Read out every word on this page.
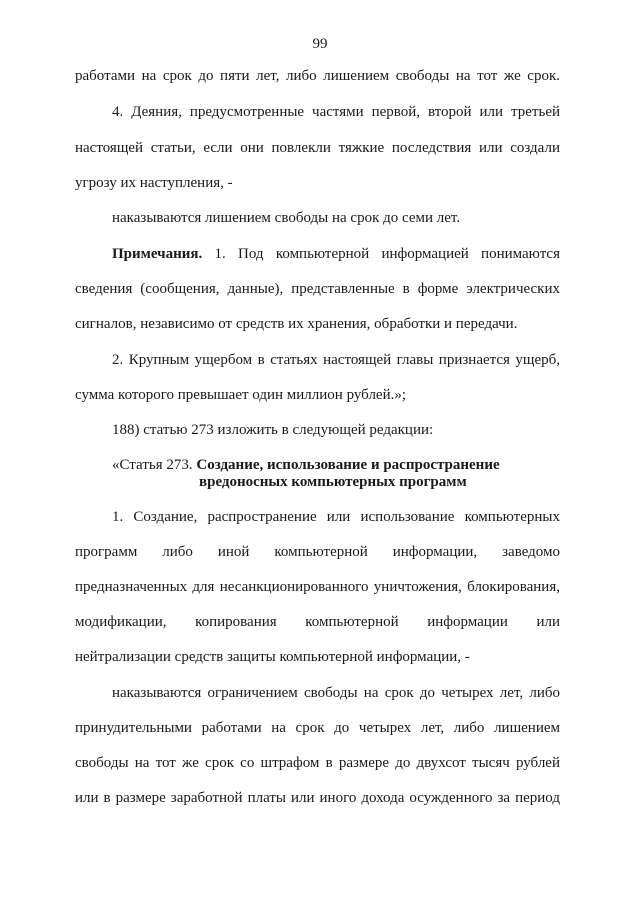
99
работами на срок до пяти лет, либо лишением свободы на тот же срок.
4. Деяния, предусмотренные частями первой, второй или третьей
настоящей статьи, если они повлекли тяжкие последствия или создали
угрозу их наступления, -
наказываются лишением свободы на срок до семи лет.
Примечания. 1. Под компьютерной информацией понимаются
сведения (сообщения, данные), представленные в форме электрических
сигналов, независимо от средств их хранения, обработки и передачи.
2. Крупным ущербом в статьях настоящей главы признается ущерб,
сумма которого превышает один миллион рублей.»;
188) статью 273 изложить в следующей редакции:
«Статья 273. Создание, использование и распространение
вредоносных компьютерных программ
1. Создание, распространение или использование компьютерных
программ либо иной компьютерной информации, заведомо
предназначенных для несанкционированного уничтожения, блокирования,
модификации, копирования компьютерной информации или
нейтрализации средств защиты компьютерной информации, -
наказываются ограничением свободы на срок до четырех лет, либо
принудительными работами на срок до четырех лет, либо лишением
свободы на тот же срок со штрафом в размере до двухсот тысяч рублей
или в размере заработной платы или иного дохода осужденного за период
